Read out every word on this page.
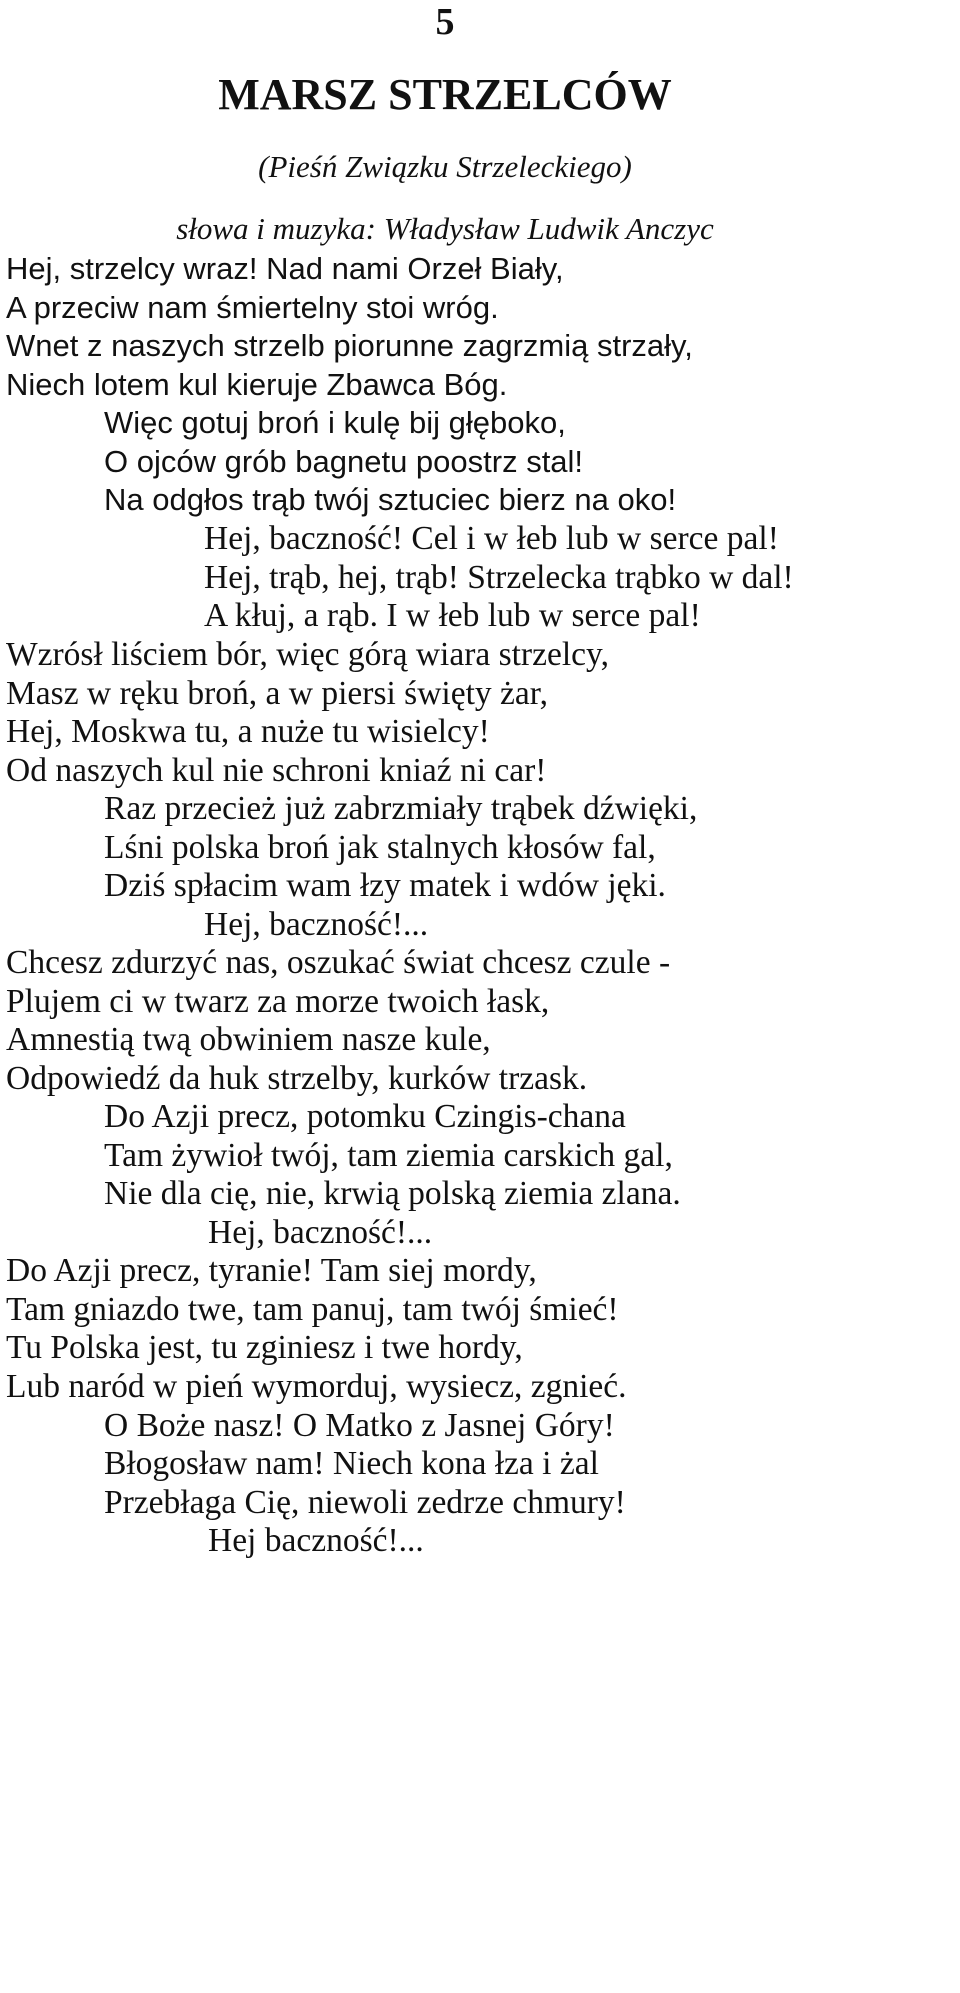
5
MARSZ STRZELCÓW
(Pieśń Związku Strzeleckiego)
słowa i muzyka: Władysław Ludwik Anczyc
Hej, strzelcy wraz! Nad nami Orzeł Biały,
A przeciw nam śmiertelny stoi wróg.
Wnet z naszych strzelb piorunne zagrzmią strzały,
Niech lotem kul kieruje Zbawca Bóg.
Więc gotuj broń i kulę bij głęboko,
O ojców grób bagnetu poostrz stal!
Na odgłos trąb twój sztuciec bierz na oko!
Hej, baczność! Cel i w łeb lub w serce pal!
Hej, trąb, hej, trąb! Strzelecka trąbko w dal!
A kłuj, a rąb. I w łeb lub w serce pal!
Wzrósł liściem bór, więc górą wiara strzelcy,
Masz w ręku broń, a w piersi święty żar,
Hej, Moskwa tu, a nuże tu wisielcy!
Od naszych kul nie schroni kniaź ni car!
Raz przecież już zabrzmiały trąbek dźwięki,
Lśni polska broń jak stalnych kłosów fal,
Dziś spłacim wam łzy matek i wdów jęki.
Hej, baczność!...
Chcesz zdurzyć nas, oszukać świat chcesz czule -
Plujem ci w twarz za morze twoich łask,
Amnestią twą obwiniem nasze kule,
Odpowiedź da huk strzelby, kurków trzask.
Do Azji precz, potomku Czingis-chana
Tam żywioł twój, tam ziemia carskich gal,
Nie dla cię, nie, krwią polską ziemia zlana.
Hej, baczność!...
Do Azji precz, tyranie! Tam siej mordy,
Tam gniazdo twe, tam panuj, tam twój śmieć!
Tu Polska jest, tu zginiesz i twe hordy,
Lub naród w pień wymorduj, wysiecz, zgnieć.
O Boże nasz! O Matko z Jasnej Góry!
Błogosław nam! Niech kona łza i żal
Przebłaga Cię, niewoli zedrze chmury!
Hej baczność!...
